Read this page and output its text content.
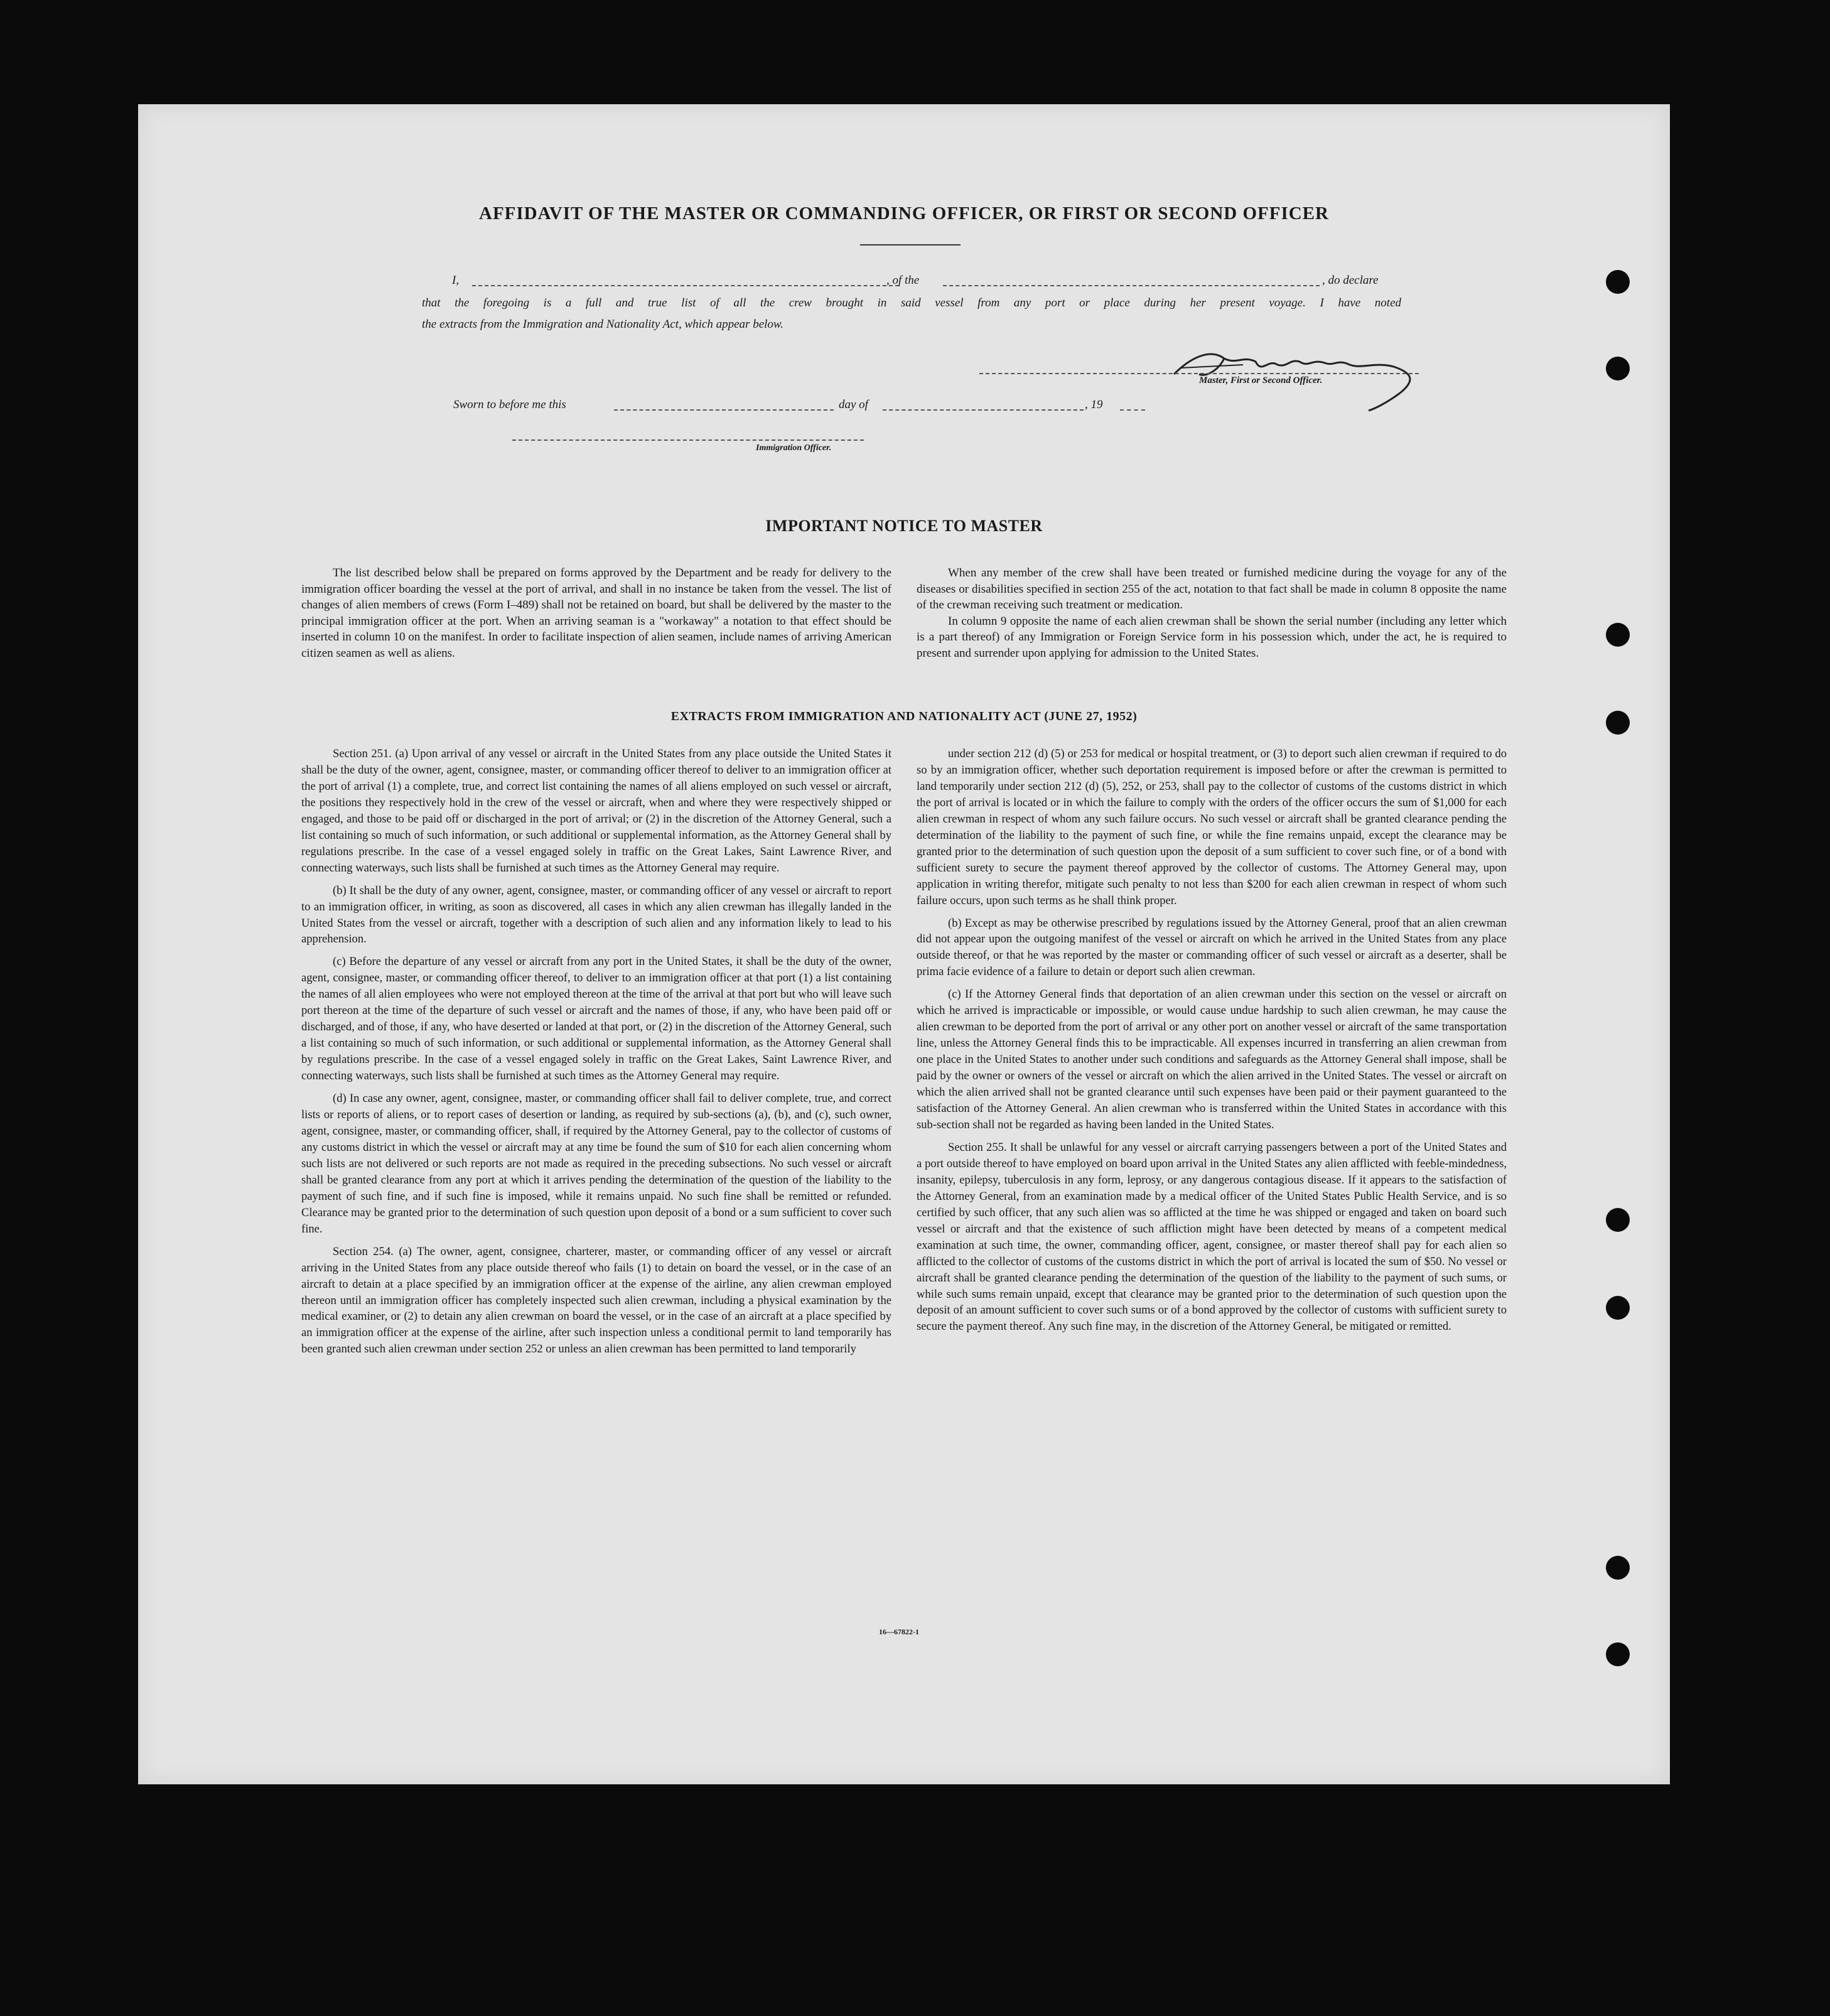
AFFIDAVIT OF THE MASTER OR COMMANDING OFFICER, OR FIRST OR SECOND OFFICER
I,	, of the	, do declare
that the foregoing is a full and true list of all the crew brought in said vessel from any port or place during her present voyage. I have noted
the extracts from the Immigration and Nationality Act, which appear below.
Master, First or Second Officer.
Sworn to before me this	day of	, 19
Immigration Officer.
IMPORTANT NOTICE TO MASTER

The list described below shall be prepared on forms approved by the Department and be ready for delivery to the immigration officer boarding the vessel at the port of arrival, and shall in no instance be taken from the vessel. The list of changes of alien members of crews (Form I–489) shall not be retained on board, but shall be delivered by the master to the principal immigration officer at the port. When an arriving seaman is a "workaway" a notation to that effect should be inserted in column 10 on the manifest. In order to facilitate inspection of alien seamen, include names of arriving American citizen seamen as well as aliens.

When any member of the crew shall have been treated or furnished medicine during the voyage for any of the diseases or disabilities specified in section 255 of the act, notation to that fact shall be made in column 8 opposite the name of the crewman receiving such treatment or medication.

In column 9 opposite the name of each alien crewman shall be shown the serial number (including any letter which is a part thereof) of any Immigration or Foreign Service form in his possession which, under the act, he is required to present and surrender upon applying for admission to the United States.

EXTRACTS FROM IMMIGRATION AND NATIONALITY ACT (JUNE 27, 1952)

Section 251. (a) Upon arrival of any vessel or aircraft in the United States from any place outside the United States it shall be the duty of the owner, agent, consignee, master, or commanding officer thereof to deliver to an immigration officer at the port of arrival (1) a complete, true, and correct list containing the names of all aliens employed on such vessel or aircraft, the positions they respectively hold in the crew of the vessel or aircraft, when and where they were respectively shipped or engaged, and those to be paid off or discharged in the port of arrival; or (2) in the discretion of the Attorney General, such a list containing so much of such information, or such additional or supplemental information, as the Attorney General shall by regulations prescribe. In the case of a vessel engaged solely in traffic on the Great Lakes, Saint Lawrence River, and connecting waterways, such lists shall be furnished at such times as the Attorney General may require.

(b) It shall be the duty of any owner, agent, consignee, master, or commanding officer of any vessel or aircraft to report to an immigration officer, in writing, as soon as discovered, all cases in which any alien crewman has illegally landed in the United States from the vessel or aircraft, together with a description of such alien and any information likely to lead to his apprehension.

(c) Before the departure of any vessel or aircraft from any port in the United States, it shall be the duty of the owner, agent, consignee, master, or commanding officer thereof, to deliver to an immigration officer at that port (1) a list containing the names of all alien employees who were not employed thereon at the time of the arrival at that port but who will leave such port thereon at the time of the departure of such vessel or aircraft and the names of those, if any, who have been paid off or discharged, and of those, if any, who have deserted or landed at that port, or (2) in the discretion of the Attorney General, such a list containing so much of such information, or such additional or supplemental information, as the Attorney General shall by regulations prescribe. In the case of a vessel engaged solely in traffic on the Great Lakes, Saint Lawrence River, and connecting waterways, such lists shall be furnished at such times as the Attorney General may require.

(d) In case any owner, agent, consignee, master, or commanding officer shall fail to deliver complete, true, and correct lists or reports of aliens, or to report cases of desertion or landing, as required by sub-sections (a), (b), and (c), such owner, agent, consignee, master, or commanding officer, shall, if required by the Attorney General, pay to the collector of customs of any customs district in which the vessel or aircraft may at any time be found the sum of $10 for each alien concerning whom such lists are not delivered or such reports are not made as required in the preceding subsections. No such vessel or aircraft shall be granted clearance from any port at which it arrives pending the determination of the question of the liability to the payment of such fine, and if such fine is imposed, while it remains unpaid. No such fine shall be remitted or refunded. Clearance may be granted prior to the determination of such question upon deposit of a bond or a sum sufficient to cover such fine.

Section 254. (a) The owner, agent, consignee, charterer, master, or commanding officer of any vessel or aircraft arriving in the United States from any place outside thereof who fails (1) to detain on board the vessel, or in the case of an aircraft to detain at a place specified by an immigration officer at the expense of the airline, any alien crewman employed thereon until an immigration officer has completely inspected such alien crewman, including a physical examination by the medical examiner, or (2) to detain any alien crewman on board the vessel, or in the case of an aircraft at a place specified by an immigration officer at the expense of the airline, after such inspection unless a conditional permit to land temporarily has been granted such alien crewman under section 252 or unless an alien crewman has been permitted to land temporarily

under section 212 (d) (5) or 253 for medical or hospital treatment, or (3) to deport such alien crewman if required to do so by an immigration officer, whether such deportation requirement is imposed before or after the crewman is permitted to land temporarily under section 212 (d) (5), 252, or 253, shall pay to the collector of customs of the customs district in which the port of arrival is located or in which the failure to comply with the orders of the officer occurs the sum of $1,000 for each alien crewman in respect of whom any such failure occurs. No such vessel or aircraft shall be granted clearance pending the determination of the liability to the payment of such fine, or while the fine remains unpaid, except the clearance may be granted prior to the determination of such question upon the deposit of a sum sufficient to cover such fine, or of a bond with sufficient surety to secure the payment thereof approved by the collector of customs. The Attorney General may, upon application in writing therefor, mitigate such penalty to not less than $200 for each alien crewman in respect of whom such failure occurs, upon such terms as he shall think proper.

(b) Except as may be otherwise prescribed by regulations issued by the Attorney General, proof that an alien crewman did not appear upon the outgoing manifest of the vessel or aircraft on which he arrived in the United States from any place outside thereof, or that he was reported by the master or commanding officer of such vessel or aircraft as a deserter, shall be prima facie evidence of a failure to detain or deport such alien crewman.

(c) If the Attorney General finds that deportation of an alien crewman under this section on the vessel or aircraft on which he arrived is impracticable or impossible, or would cause undue hardship to such alien crewman, he may cause the alien crewman to be deported from the port of arrival or any other port on another vessel or aircraft of the same transportation line, unless the Attorney General finds this to be impracticable. All expenses incurred in transferring an alien crewman from one place in the United States to another under such conditions and safeguards as the Attorney General shall impose, shall be paid by the owner or owners of the vessel or aircraft on which the alien arrived in the United States. The vessel or aircraft on which the alien arrived shall not be granted clearance until such expenses have been paid or their payment guaranteed to the satisfaction of the Attorney General. An alien crewman who is transferred within the United States in accordance with this sub-section shall not be regarded as having been landed in the United States.

Section 255. It shall be unlawful for any vessel or aircraft carrying passengers between a port of the United States and a port outside thereof to have employed on board upon arrival in the United States any alien afflicted with feeble-mindedness, insanity, epilepsy, tuberculosis in any form, leprosy, or any dangerous contagious disease. If it appears to the satisfaction of the Attorney General, from an examination made by a medical officer of the United States Public Health Service, and is so certified by such officer, that any such alien was so afflicted at the time he was shipped or engaged and taken on board such vessel or aircraft and that the existence of such affliction might have been detected by means of a competent medical examination at such time, the owner, commanding officer, agent, consignee, or master thereof shall pay for each alien so afflicted to the collector of customs of the customs district in which the port of arrival is located the sum of $50. No vessel or aircraft shall be granted clearance pending the determination of the question of the liability to the payment of such sums, or while such sums remain unpaid, except that clearance may be granted prior to the determination of such question upon the deposit of an amount sufficient to cover such sums or of a bond approved by the collector of customs with sufficient surety to secure the payment thereof. Any such fine may, in the discretion of the Attorney General, be mitigated or remitted.

16—67822-1
